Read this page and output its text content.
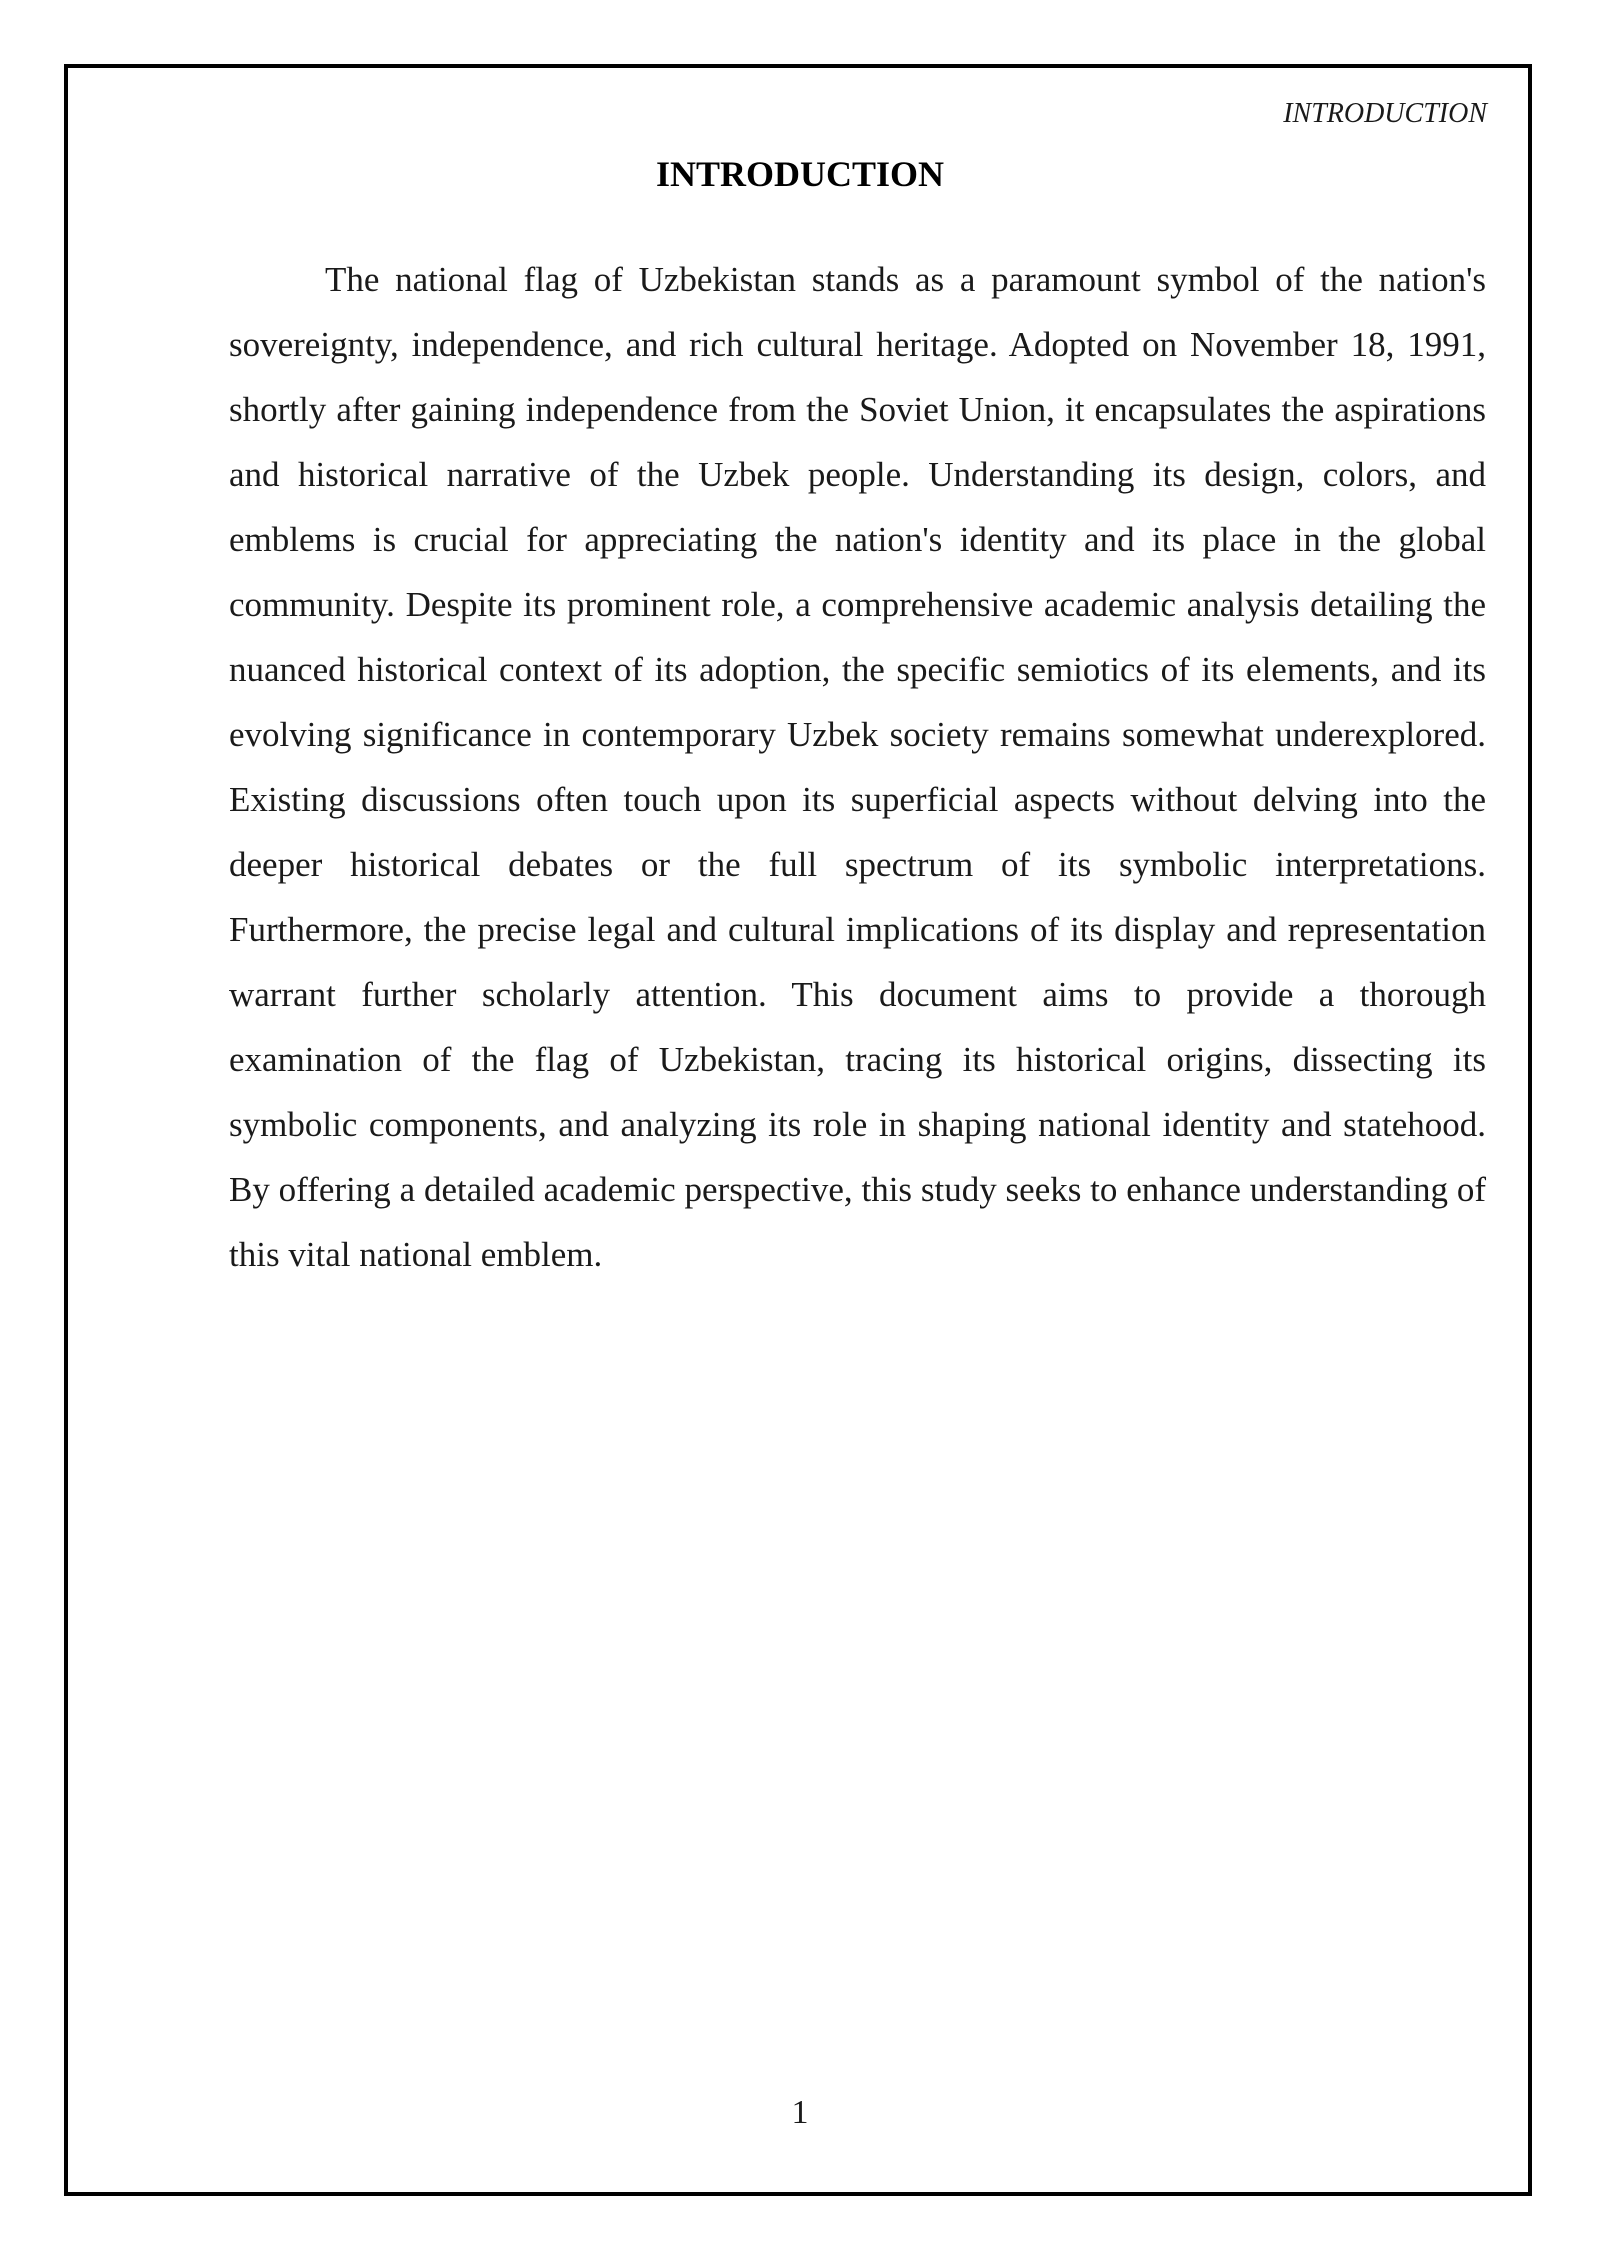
INTRODUCTION
INTRODUCTION

The national flag of Uzbekistan stands as a paramount symbol of the nation's sovereignty, independence, and rich cultural heritage. Adopted on November 18, 1991, shortly after gaining independence from the Soviet Union, it encapsulates the aspirations and historical narrative of the Uzbek people. Understanding its design, colors, and emblems is crucial for appreciating the nation's identity and its place in the global community. Despite its prominent role, a comprehensive academic analysis detailing the nuanced historical context of its adoption, the specific semiotics of its elements, and its evolving significance in contemporary Uzbek society remains somewhat underexplored. Existing discussions often touch upon its superficial aspects without delving into the deeper historical debates or the full spectrum of its symbolic interpretations. Furthermore, the precise legal and cultural implications of its display and representation warrant further scholarly attention. This document aims to provide a thorough examination of the flag of Uzbekistan, tracing its historical origins, dissecting its symbolic components, and analyzing its role in shaping national identity and statehood. By offering a detailed academic perspective, this study seeks to enhance understanding of this vital national emblem.

1
